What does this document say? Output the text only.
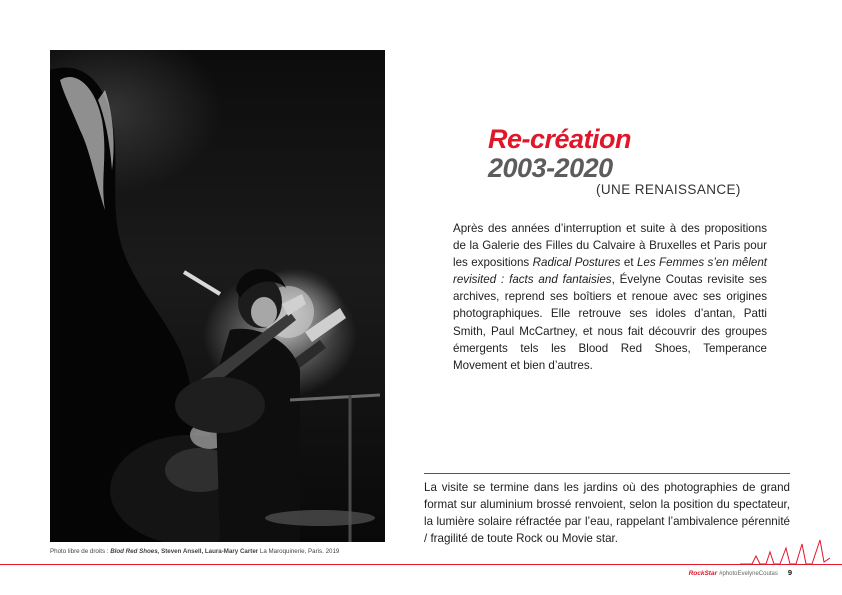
Photo libre de droits : Blod Red Shoes, Steven Ansell, Laura-Mary Carter La Maroquinerie, Paris. 2019
Re-création
2003-2020
(UNE RENAISSANCE)
Après des années d’interruption et suite à des propositions de la Galerie des Filles du Calvaire à Bruxelles et Paris pour les expositions Radical Postures et Les Femmes s’en mêlent revisited : facts and fantaisies, Évelyne Coutas revisite ses archives, reprend ses boîtiers et renoue avec ses origines photographiques. Elle retrouve ses idoles d’antan, Patti Smith, Paul McCartney, et nous fait découvrir des groupes émergents tels les Blood Red Shoes, Temperance Movement et bien d’autres.
La visite se termine dans les jardins où des photographies de grand format sur aluminium brossé renvoient, selon la position du spectateur, la lumière solaire réfractée par l’eau, rappelant l’ambivalence pérennité / fragilité de toute Rock ou Movie star.
RockStar #photoEvelyneCoutas 9
